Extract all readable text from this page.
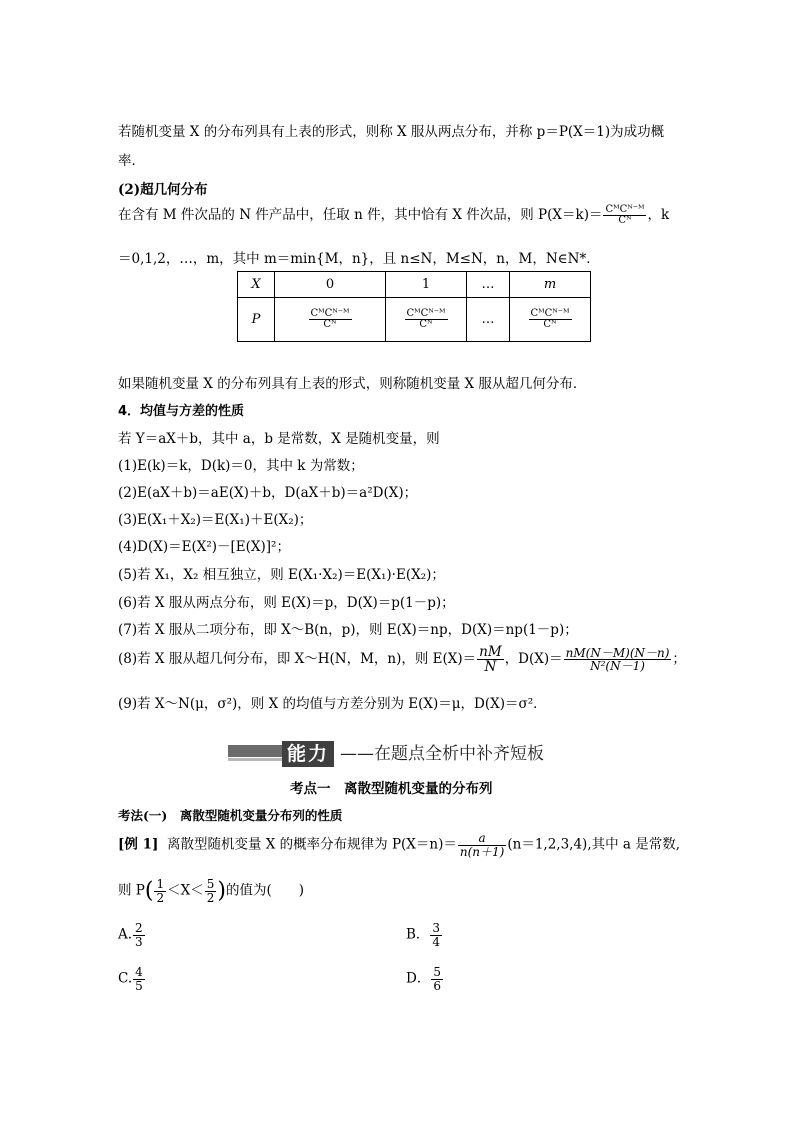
若随机变量 X 的分布列具有上表的形式，则称 X 服从两点分布，并称 p＝P(X＝1)为成功概
率．
(2)超几何分布
在含有 M 件次品的 N 件产品中，任取 n 件，其中恰有 X 件次品，则 $P(X=k)= \frac{\text{CᴹCᴺ⁻ᴹ}}{\text{Cᴺ}}$ ，k
＝0,1,2，…，m，其中 m＝min{M，n}，且 n≤N，M≤N，n，M，N∈N*．
X	0	1	…	m
P	$\frac{\text{CᴹCᴺ⁻ᴹ}}{\text{Cᴺ}}$	$\frac{\text{CᴹCᴺ⁻ᴹ}}{\text{Cᴺ}}$	…	$\frac{\text{CᴹCᴺ⁻ᴹ}}{\text{Cᴺ}}$
如果随机变量 X 的分布列具有上表的形式，则称随机变量 X 服从超几何分布．
4．均值与方差的性质
若 Y＝aX＋b，其中 a，b 是常数，X 是随机变量，则
(1)E(k)＝k，D(k)＝0，其中 k 为常数；
(2)E(aX＋b)＝aE(X)＋b，D(aX＋b)＝a²D(X)；
(3)E(X₁＋X₂)＝E(X₁)＋E(X₂)；
(4)D(X)＝E(X²)－[E(X)]²；
(5)若 X₁，X₂ 相互独立，则 E(X₁·X₂)＝E(X₁)·E(X₂)；
(6)若 X 服从两点分布，则 E(X)＝p，D(X)＝p(1－p)；
(7)若 X 服从二项分布，即 X～B(n，p)，则 E(X)＝np，D(X)＝np(1－p)；
(8)若 X 服从超几何分布，即 X～H(N，M，n)，则 $E(X)= \frac{nM}{N}$ ，$D(X)= \frac{nM(N-M)(N-n)}{\text{N²(N－1)}}$ ；
(9)若 X～N(μ，σ²)，则 X 的均值与方差分别为 E(X)＝μ，D(X)＝σ²．
能力 ——在题点全析中补齐短板
考点一　离散型随机变量的分布列
考法(一)　离散型随机变量分布列的性质
[例 1] 离散型随机变量 X 的概率分布规律为 $P(X=n)= \frac{a}{n(n+1)} (n=1,2,3,4)$,其中 a 是常数,
则 $P( \frac{1}{2} <X< \frac{5}{2}$ )的值为(　　)
A. $\frac{2}{3}$	B． $\frac{3}{4}$
C. $\frac{4}{5}$	D． $\frac{5}{6}$
